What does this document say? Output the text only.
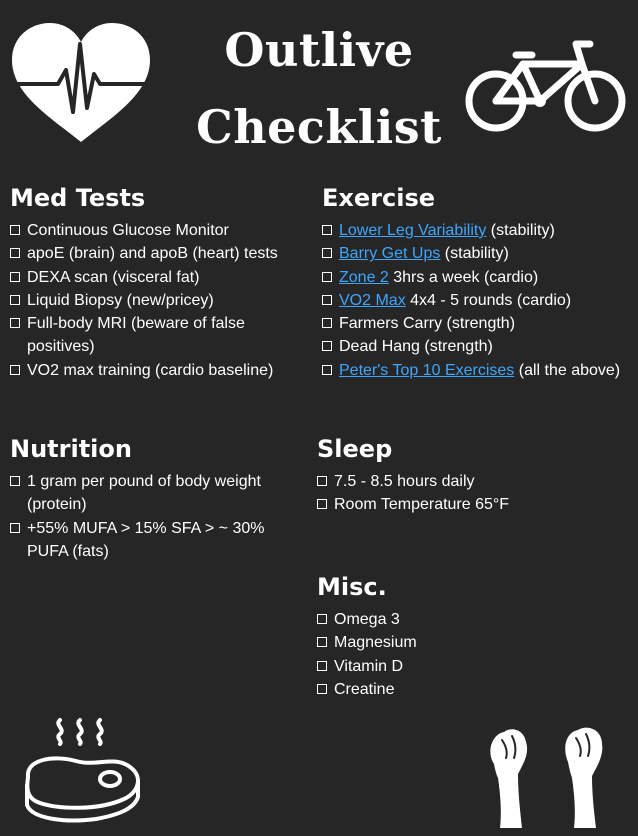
Outlive
Checklist
Med Tests
Continuous Glucose Monitor
apoE (brain) and apoB (heart) tests
DEXA scan (visceral fat)
Liquid Biopsy (new/pricey)
Full-body MRI (beware of false positives)
VO2 max training (cardio baseline)
Exercise
Lower Leg Variability (stability)
Barry Get Ups (stability)
Zone 2 3hrs a week (cardio)
VO2 Max 4x4 - 5 rounds (cardio)
Farmers Carry (strength)
Dead Hang (strength)
Peter's Top 10 Exercises (all the above)
Nutrition
1 gram per pound of body weight (protein)
+55% MUFA > 15% SFA > ~ 30% PUFA (fats)
Sleep
7.5 - 8.5 hours daily
Room Temperature 65°F
Misc.
Omega 3
Magnesium
Vitamin D
Creatine
